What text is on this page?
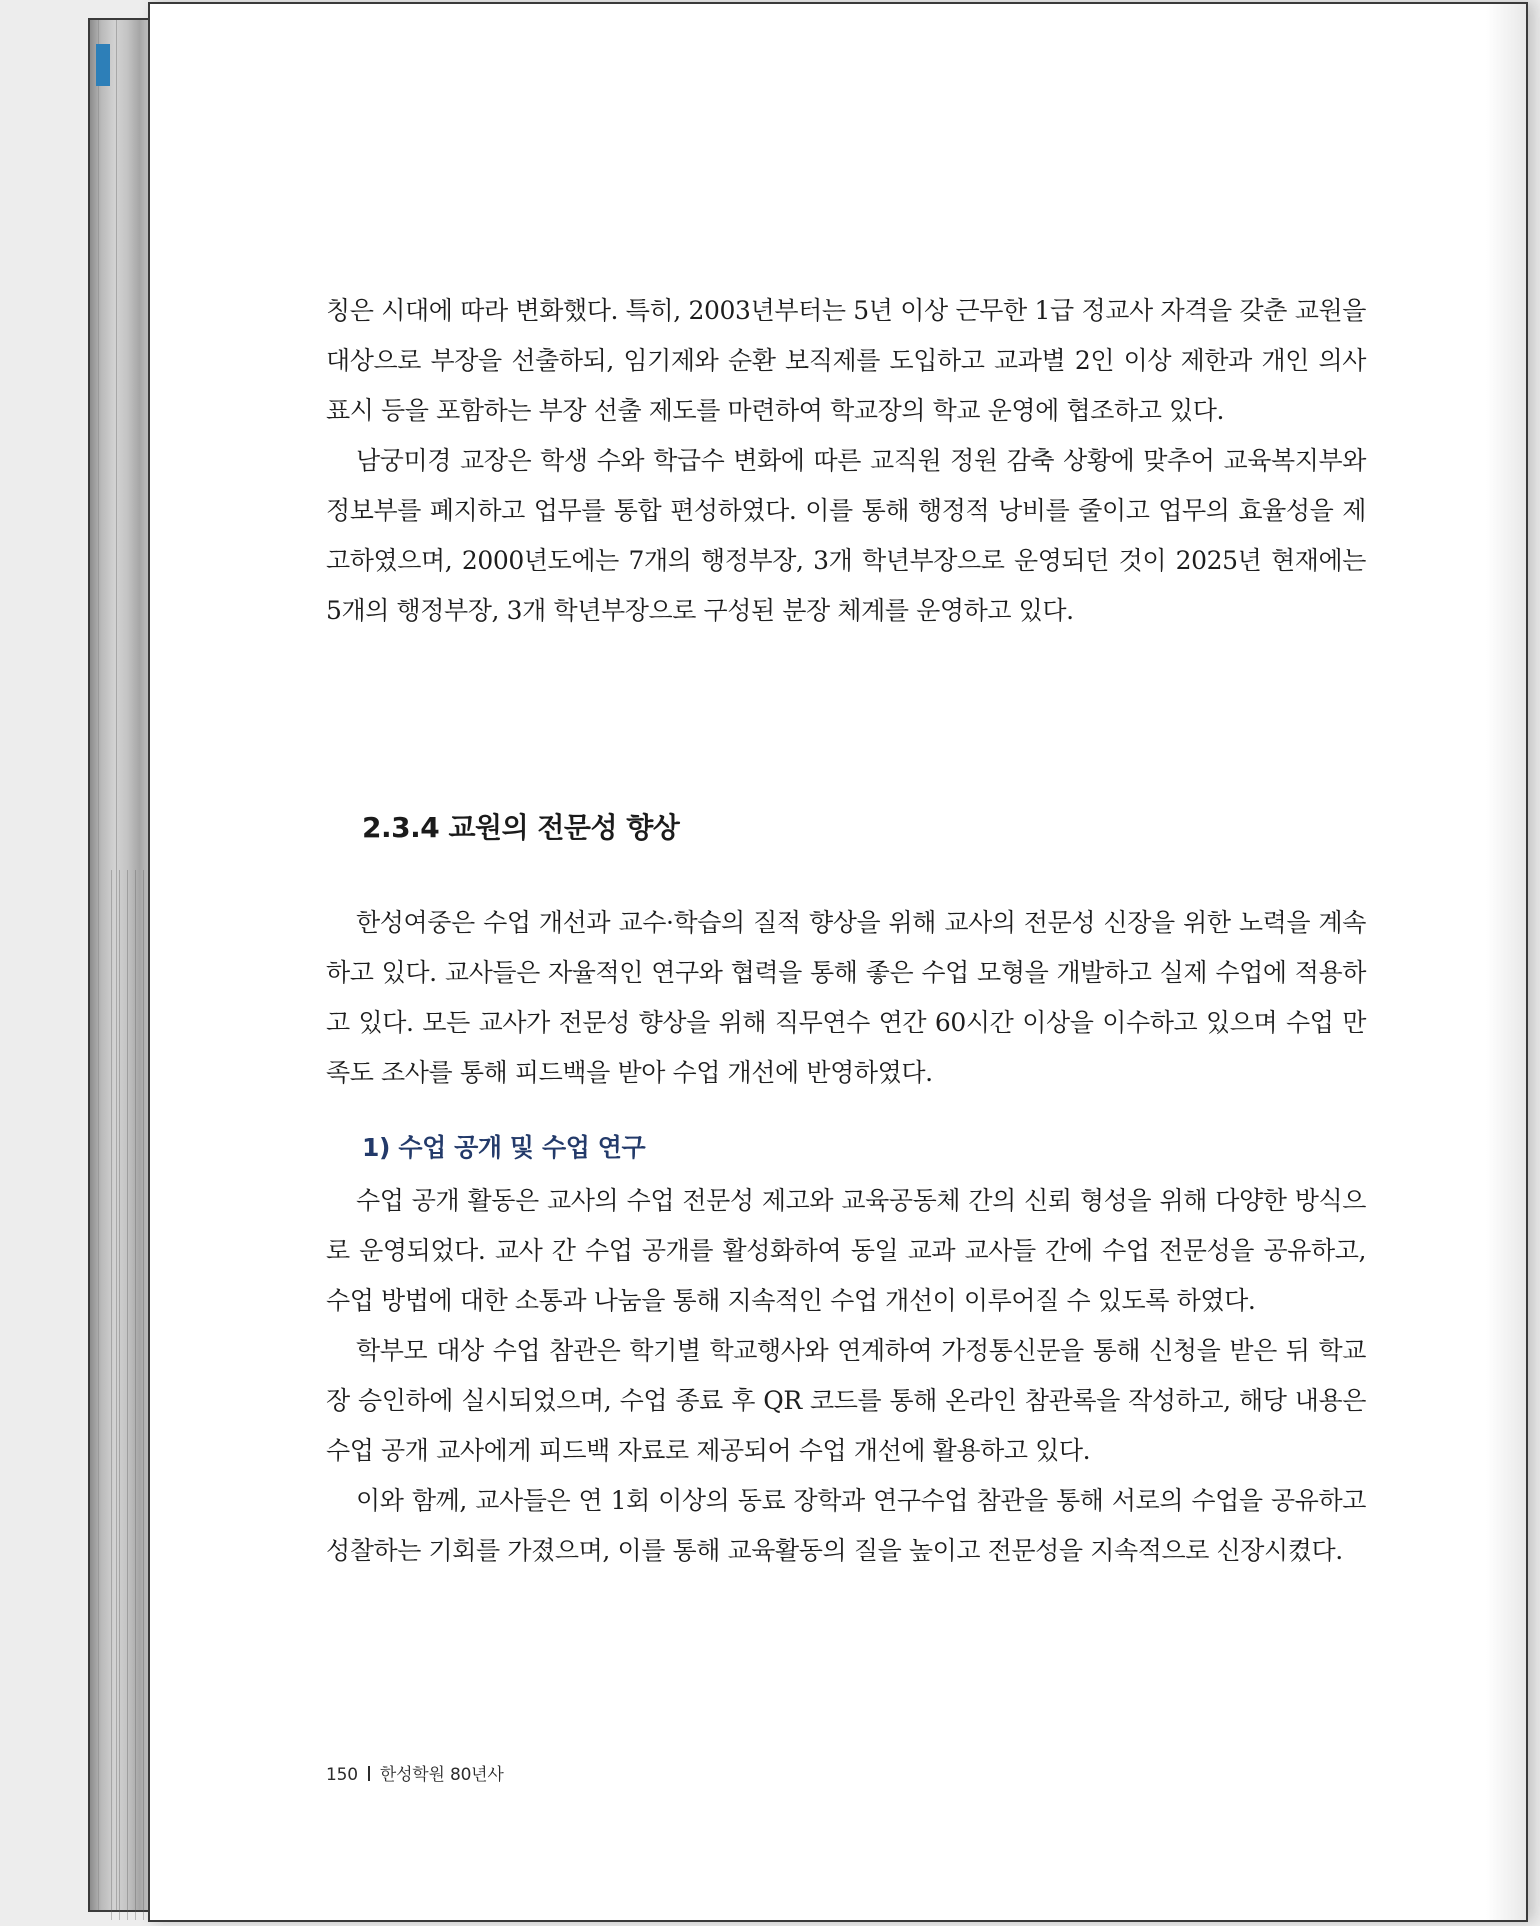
칭은 시대에 따라 변화했다. 특히, 2003년부터는 5년 이상 근무한 1급 정교사 자격을 갖춘 교원을 대상으로 부장을 선출하되, 임기제와 순환 보직제를 도입하고 교과별 2인 이상 제한과 개인 의사 표시 등을 포함하는 부장 선출 제도를 마련하여 학교장의 학교 운영에 협조하고 있다.

남궁미경 교장은 학생 수와 학급수 변화에 따른 교직원 정원 감축 상황에 맞추어 교육복지부와 정보부를 폐지하고 업무를 통합 편성하였다. 이를 통해 행정적 낭비를 줄이고 업무의 효율성을 제고하였으며, 2000년도에는 7개의 행정부장, 3개 학년부장으로 운영되던 것이 2025년 현재에는 5개의 행정부장, 3개 학년부장으로 구성된 분장 체계를 운영하고 있다.

2.3.4 교원의 전문성 향상

한성여중은 수업 개선과 교수·학습의 질적 향상을 위해 교사의 전문성 신장을 위한 노력을 계속하고 있다. 교사들은 자율적인 연구와 협력을 통해 좋은 수업 모형을 개발하고 실제 수업에 적용하고 있다. 모든 교사가 전문성 향상을 위해 직무연수 연간 60시간 이상을 이수하고 있으며 수업 만족도 조사를 통해 피드백을 받아 수업 개선에 반영하였다.

1) 수업 공개 및 수업 연구

수업 공개 활동은 교사의 수업 전문성 제고와 교육공동체 간의 신뢰 형성을 위해 다양한 방식으로 운영되었다. 교사 간 수업 공개를 활성화하여 동일 교과 교사들 간에 수업 전문성을 공유하고, 수업 방법에 대한 소통과 나눔을 통해 지속적인 수업 개선이 이루어질 수 있도록 하였다.

학부모 대상 수업 참관은 학기별 학교행사와 연계하여 가정통신문을 통해 신청을 받은 뒤 학교장 승인하에 실시되었으며, 수업 종료 후 QR 코드를 통해 온라인 참관록을 작성하고, 해당 내용은 수업 공개 교사에게 피드백 자료로 제공되어 수업 개선에 활용하고 있다.

이와 함께, 교사들은 연 1회 이상의 동료 장학과 연구수업 참관을 통해 서로의 수업을 공유하고 성찰하는 기회를 가졌으며, 이를 통해 교육활동의 질을 높이고 전문성을 지속적으로 신장시켰다.

150 한성학원 80년사
